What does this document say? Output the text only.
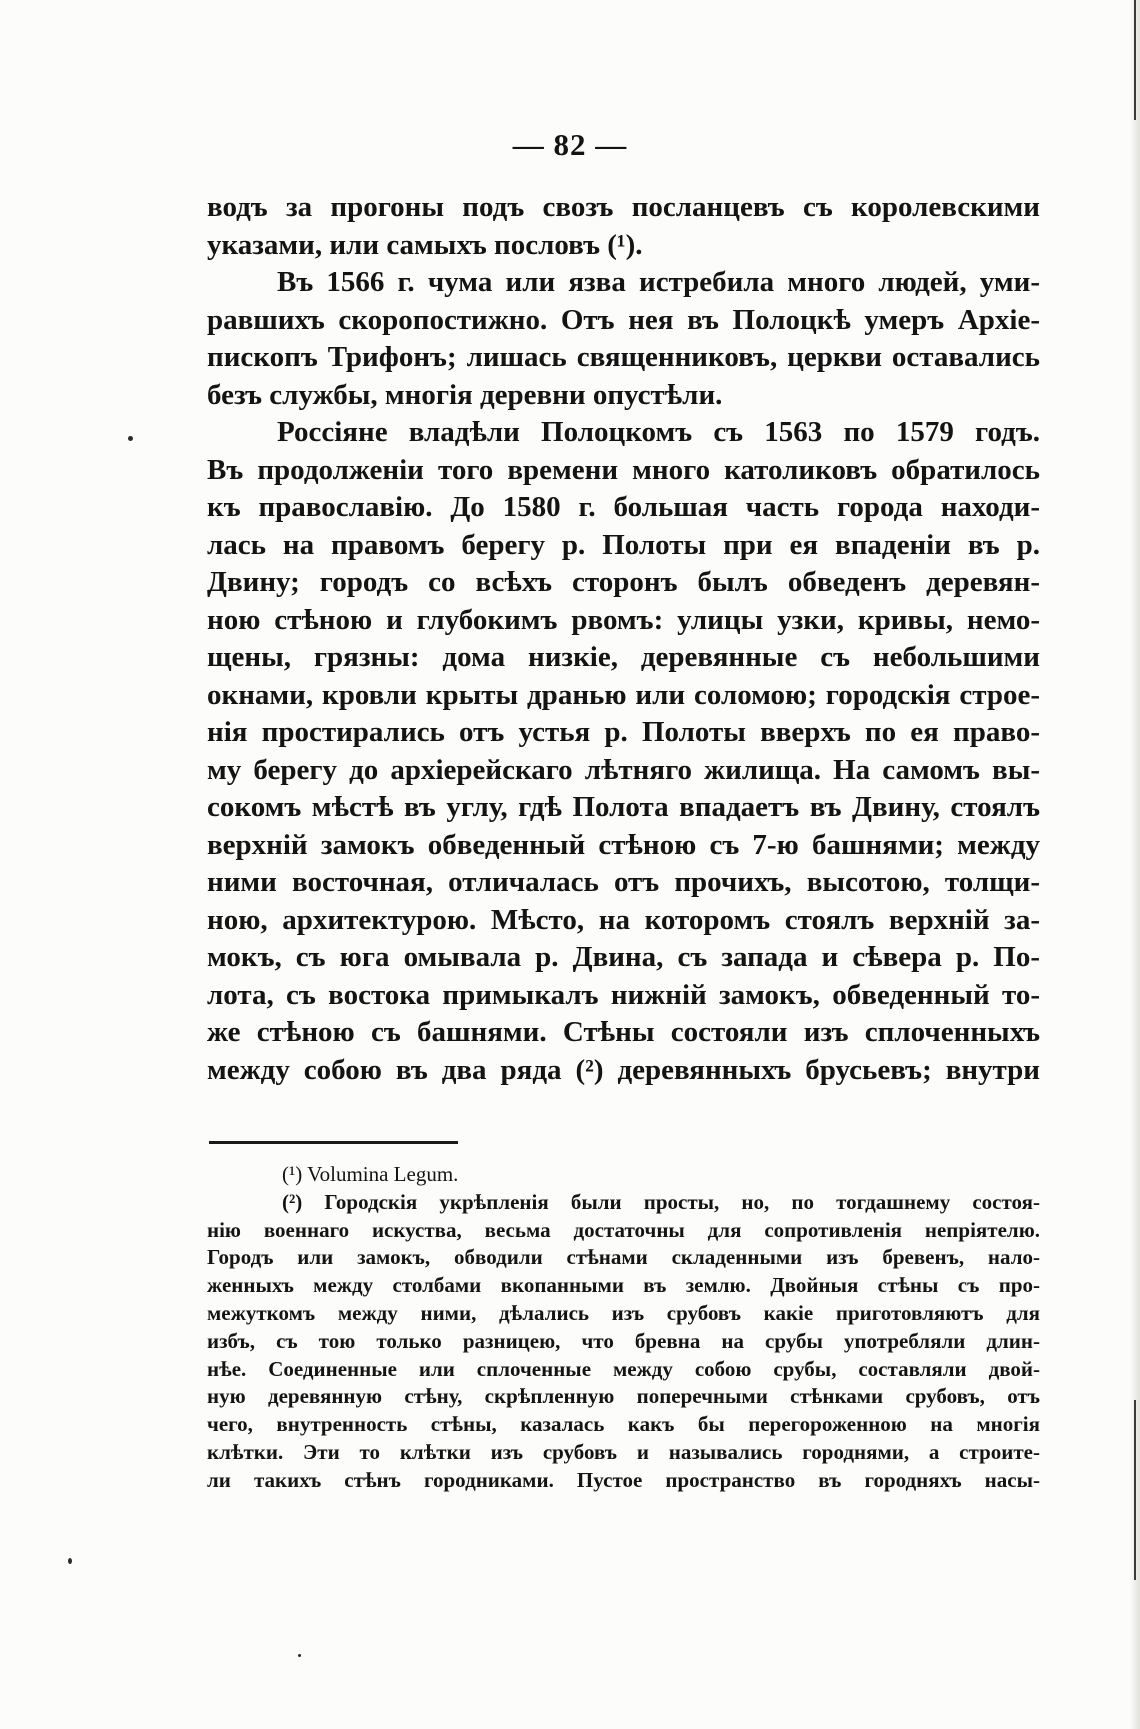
— 82 —
водъ за прогоны подъ свозъ посланцевъ съ королевскими
указами, или самыхъ пословъ (¹).
Въ 1566 г. чума или язва истребила много людей, уми-
равшихъ скоропостижно. Отъ нея въ Полоцкѣ умеръ Архіе-
пископъ Трифонъ; лишась священниковъ, церкви оставались
безъ службы, многія деревни опустѣли.
Россіяне владѣли Полоцкомъ съ 1563 по 1579 годъ.
Въ продолженіи того времени много католиковъ обратилось
къ православію. До 1580 г. большая часть города находи-
лась на правомъ берегу р. Полоты при ея впаденіи въ р.
Двину; городъ со всѣхъ сторонъ былъ обведенъ деревян-
ною стѣною и глубокимъ рвомъ: улицы узки, кривы, немо-
щены, грязны: дома низкіе, деревянные съ небольшими
окнами, кровли крыты дранью или соломою; городскія строе-
нія простирались отъ устья р. Полоты вверхъ по ея право-
му берегу до архіерейскаго лѣтняго жилища. На самомъ вы-
сокомъ мѣстѣ въ углу, гдѣ Полота впадаетъ въ Двину, стоялъ
верхній замокъ обведенный стѣною съ 7-ю башнями; между
ними восточная, отличалась отъ прочихъ, высотою, толщи-
ною, архитектурою. Мѣсто, на которомъ стоялъ верхній за-
мокъ, съ юга омывала р. Двина, съ запада и сѣвера р. По-
лота, съ востока примыкалъ нижній замокъ, обведенный то-
же стѣною съ башнями. Стѣны состояли изъ сплоченныхъ
между собою въ два ряда (²) деревянныхъ брусьевъ; внутри
(¹) Volumina Legum.
(²) Городскія укрѣпленія были просты, но, по тогдашнему состоя-
нію военнаго искуства, весьма достаточны для сопротивленія непріятелю.
Городъ или замокъ, обводили стѣнами складенными изъ бревенъ, нало-
женныхъ между столбами вкопанными въ землю. Двойныя стѣны съ про-
межуткомъ между ними, дѣлались изъ срубовъ какіе приготовляютъ для
избъ, съ тою только разницею, что бревна на срубы употребляли длин-
нѣе. Соединенные или сплоченные между собою срубы, составляли двой-
ную деревянную стѣну, скрѣпленную поперечными стѣнками срубовъ, отъ
чего, внутренность стѣны, казалась какъ бы перегороженною на многія
клѣтки. Эти то клѣтки изъ срубовъ и назывались городнями, а строите-
ли такихъ стѣнъ городниками. Пустое пространство въ городняхъ насы-
